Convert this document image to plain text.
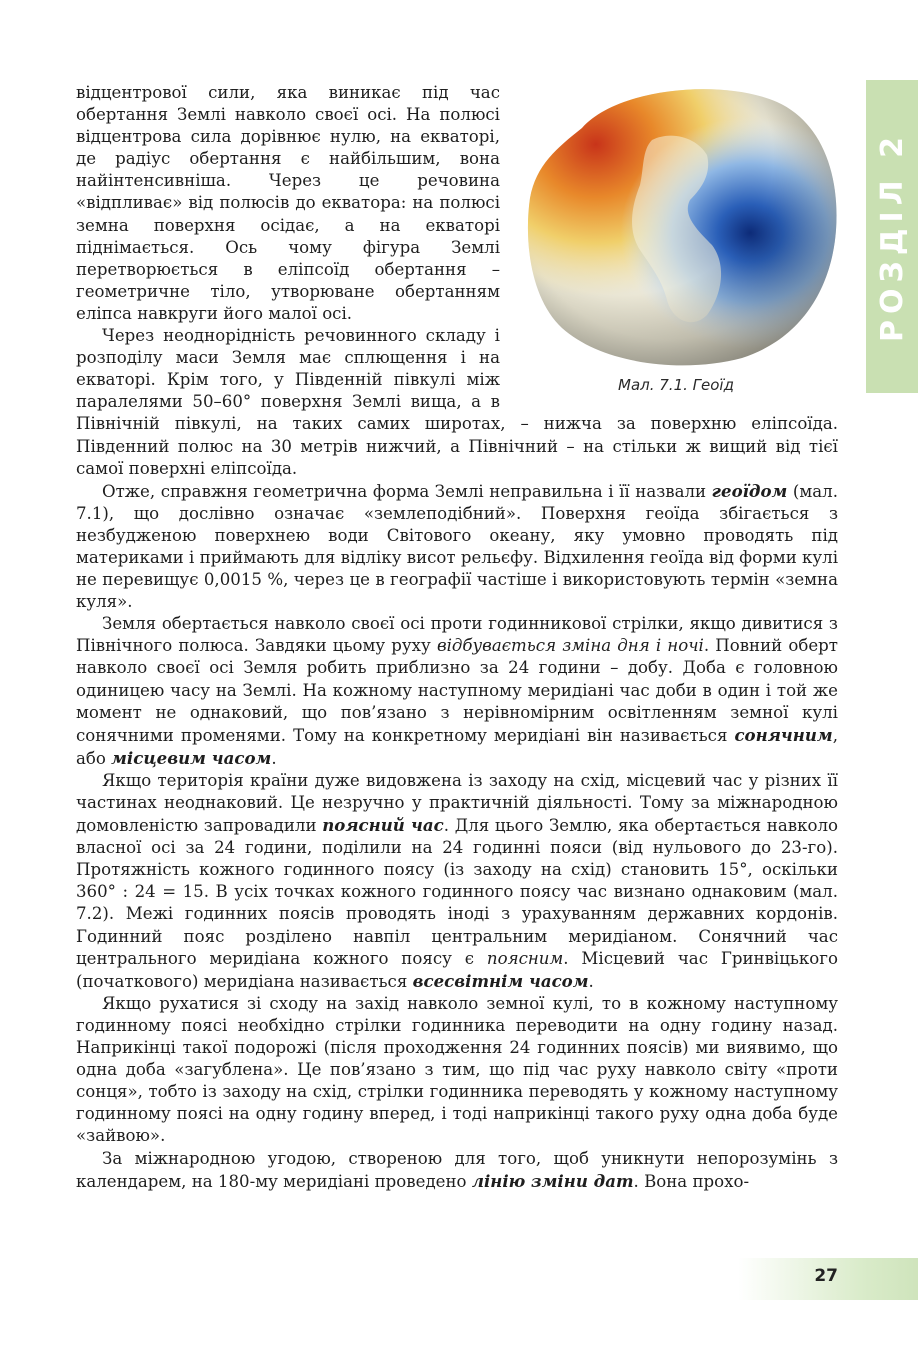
РОЗДІЛ 2
Мал. 7.1. Геоїд

відцентрової сили, яка виникає під час обертання Землі навколо своєї осі. На полюсі відцентрова сила дорівнює нулю, на екваторі, де радіус обертання є найбільшим, вона найінтенсивніша. Через це речовина «відпливає» від полюсів до екватора: на полюсі земна поверхня осідає, а на екваторі піднімається. Ось чому фігура Землі перетворюється в еліпсоїд обертання – геометричне тіло, утворюване обертанням еліпса навкруги його малої осі.

Через неоднорідність речовинного складу і розподілу маси Земля має сплющення і на екваторі. Крім того, у Південній півкулі між паралелями 50–60° поверхня Землі вища, а в Північній півкулі, на таких самих широтах, – нижча за поверхню еліпсоїда. Південний полюс на 30 метрів нижчий, а Північний – на стільки ж вищий від тієї самої поверхні еліпсоїда.

Отже, справжня геометрична форма Землі неправильна і її назвали геоїдом (мал. 7.1), що дослівно означає «землеподібний». Поверхня геоїда збігається з незбудженою поверхнею води Світового океану, яку умовно проводять під материками і приймають для відліку висот рельєфу. Відхилення геоїда від форми кулі не перевищує 0,0015 %, через це в географії частіше і використовують термін «земна куля».

Земля обертається навколо своєї осі проти годинникової стрілки, якщо дивитися з Північного полюса. Завдяки цьому руху відбувається зміна дня і ночі. Повний оберт навколо своєї осі Земля робить приблизно за 24 години – добу. Доба є головною одиницею часу на Землі. На кожному наступному меридіані час доби в один і той же момент не однаковий, що пов’язано з нерівномірним освітленням земної кулі сонячними променями. Тому на конкретному меридіані він називається сонячним, або місцевим часом.

Якщо територія країни дуже видовжена із заходу на схід, місцевий час у різних її частинах неоднаковий. Це незручно у практичній діяльності. Тому за міжнародною домовленістю запровадили поясний час. Для цього Землю, яка обертається навколо власної осі за 24 години, поділили на 24 годинні пояси (від нульового до 23-го). Протяжність кожного годинного поясу (із заходу на схід) становить 15°, оскільки 360° : 24 = 15. В усіх точках кожного годинного поясу час визнано однаковим (мал. 7.2). Межі годинних поясів проводять іноді з урахуванням державних кордонів. Годинний пояс розділено навпіл центральним меридіаном. Сонячний час центрального меридіана кожного поясу є поясним. Місцевий час Гринвіцького (початкового) меридіана називається всесвітнім часом.

Якщо рухатися зі сходу на захід навколо земної кулі, то в кожному наступному годинному поясі необхідно стрілки годинника переводити на одну годину назад. Наприкінці такої подорожі (після проходження 24 годинних поясів) ми виявимо, що одна доба «загублена». Це пов’язано з тим, що під час руху навколо світу «проти сонця», тобто із заходу на схід, стрілки годинника переводять у кожному наступному годинному поясі на одну годину вперед, і тоді наприкінці такого руху одна доба буде «зайвою».

За міжнародною угодою, створеною для того, щоб уникнути непорозумінь з календарем, на 180-му меридіані проведено лінію зміни дат. Вона прохо-

27
